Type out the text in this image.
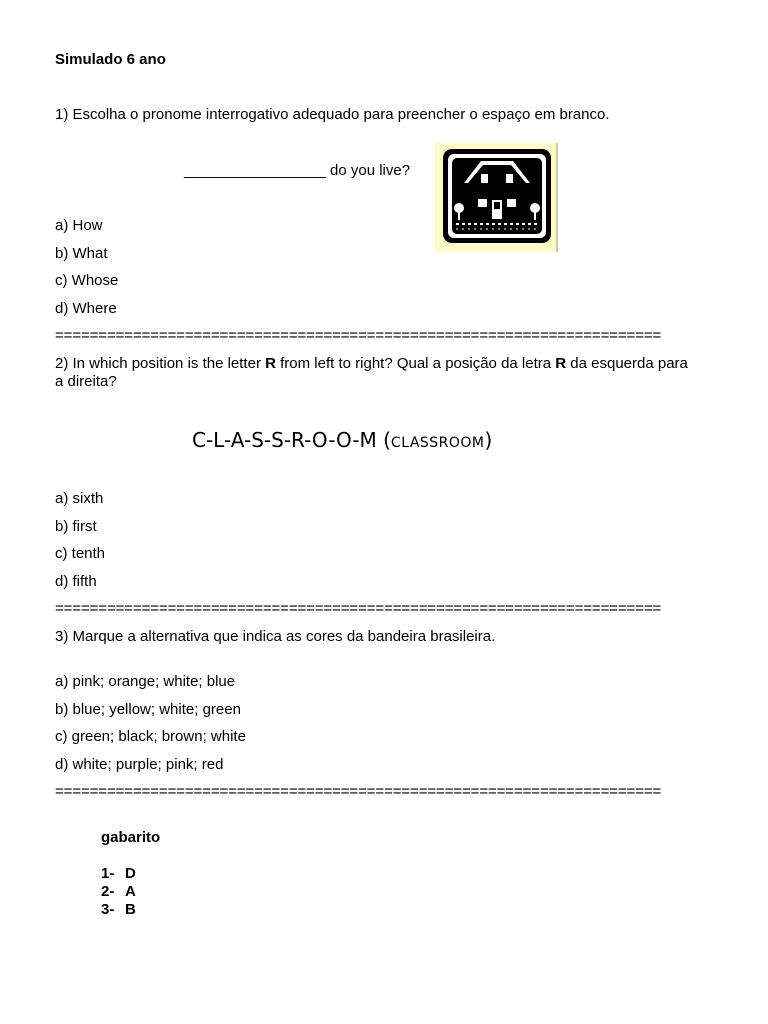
Simulado 6 ano
1) Escolha o pronome interrogativo adequado para preencher o espaço em branco.
_________________ do you live?
a) How
b) What
c) Whose
d) Where
======================================================================
2) In which position is the letter R from left to right? Qual a posição da letra R da esquerda para
a direita?
C-L-A-S-S-R-O-O-M (CLASSROOM)
a) sixth
b) first
c) tenth
d) fifth
======================================================================
3) Marque a alternativa que indica as cores da bandeira brasileira.
a) pink; orange; white; blue
b) blue; yellow; white; green
c) green; black; brown; white
d) white; purple; pink; red
======================================================================
gabarito
1- D
2- A
3- B
